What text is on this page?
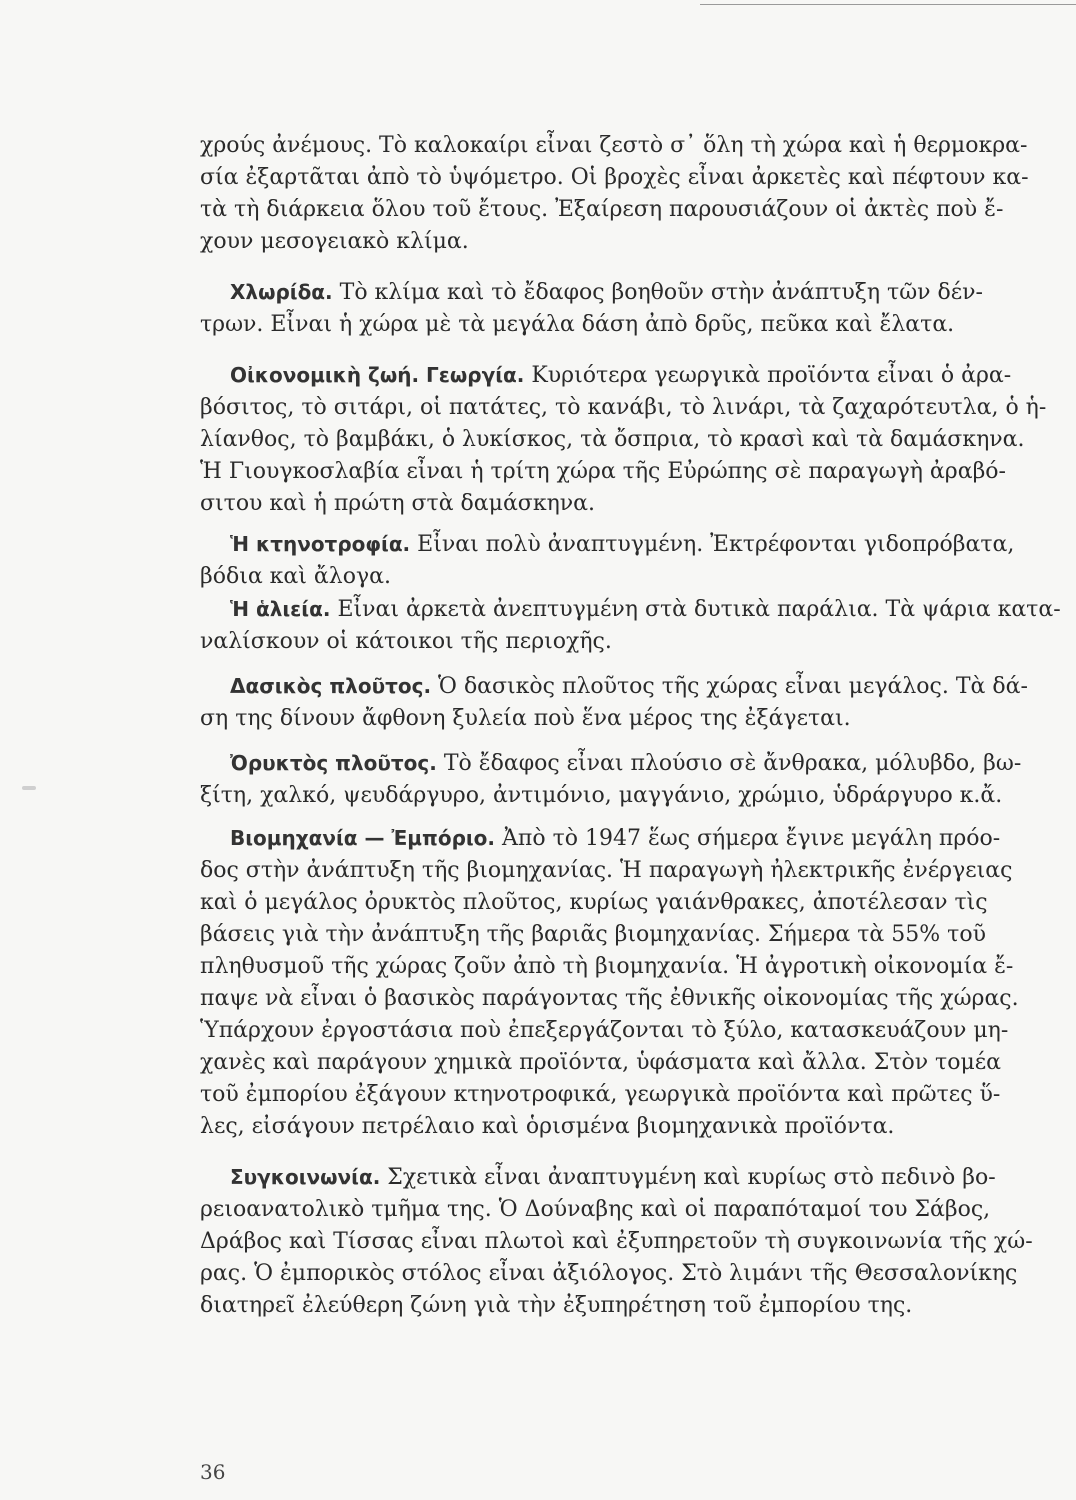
χρούς ἀνέμους. Τὸ καλοκαίρι εἶναι ζεστὸ σ᾿ ὅλη τὴ χώρα καὶ ἡ θερμοκρα-
σία ἐξαρτᾶται ἀπὸ τὸ ὑψόμετρο. Οἱ βροχὲς εἶναι ἀρκετὲς καὶ πέφτουν κα-
τὰ τὴ διάρκεια ὅλου τοῦ ἔτους. Ἐξαίρεση παρουσιάζουν οἱ ἀκτὲς ποὺ ἔ-
χουν μεσογειακὸ κλίμα.
Χλωρίδα. Τὸ κλίμα καὶ τὸ ἔδαφος βοηθοῦν στὴν ἀνάπτυξη τῶν δέν-
τρων. Εἶναι ἡ χώρα μὲ τὰ μεγάλα δάση ἀπὸ δρῦς, πεῦκα καὶ ἔλατα.
Οἰκονομικὴ ζωή. Γεωργία. Κυριότερα γεωργικὰ προϊόντα εἶναι ὁ ἀρα-
βόσιτος, τὸ σιτάρι, οἱ πατάτες, τὸ κανάβι, τὸ λινάρι, τὰ ζαχαρότευτλα, ὁ ἡ-
λίανθος, τὸ βαμβάκι, ὁ λυκίσκος, τὰ ὄσπρια, τὸ κρασὶ καὶ τὰ δαμάσκηνα.
Ἡ Γιουγκοσλαβία εἶναι ἡ τρίτη χώρα τῆς Εὐρώπης σὲ παραγωγὴ ἀραβό-
σιτου καὶ ἡ πρώτη στὰ δαμάσκηνα.
Ἡ κτηνοτροφία. Εἶναι πολὺ ἀναπτυγμένη. Ἐκτρέφονται γιδοπρόβατα,
βόδια καὶ ἄλογα.
Ἡ ἁλιεία. Εἶναι ἀρκετὰ ἀνεπτυγμένη στὰ δυτικὰ παράλια. Τὰ ψάρια κατα-
ναλίσκουν οἱ κάτοικοι τῆς περιοχῆς.
Δασικὸς πλοῦτος. Ὁ δασικὸς πλοῦτος τῆς χώρας εἶναι μεγάλος. Τὰ δά-
ση της δίνουν ἄφθονη ξυλεία ποὺ ἕνα μέρος της ἐξάγεται.
Ὀρυκτὸς πλοῦτος. Τὸ ἔδαφος εἶναι πλούσιο σὲ ἄνθρακα, μόλυβδο, βω-
ξίτη, χαλκό, ψευδάργυρο, ἀντιμόνιο, μαγγάνιο, χρώμιο, ὑδράργυρο κ.ἄ.
Βιομηχανία — Ἐμπόριο. Ἀπὸ τὸ 1947 ἕως σήμερα ἔγινε μεγάλη πρόο-
δος στὴν ἀνάπτυξη τῆς βιομηχανίας. Ἡ παραγωγὴ ἠλεκτρικῆς ἐνέργειας
καὶ ὁ μεγάλος ὀρυκτὸς πλοῦτος, κυρίως γαιάνθρακες, ἀποτέλεσαν τὶς
βάσεις γιὰ τὴν ἀνάπτυξη τῆς βαριᾶς βιομηχανίας. Σήμερα τὰ 55% τοῦ
πληθυσμοῦ τῆς χώρας ζοῦν ἀπὸ τὴ βιομηχανία. Ἡ ἀγροτικὴ οἰκονομία ἔ-
παψε νὰ εἶναι ὁ βασικὸς παράγοντας τῆς ἐθνικῆς οἰκονομίας τῆς χώρας.
Ὑπάρχουν ἐργοστάσια ποὺ ἐπεξεργάζονται τὸ ξύλο, κατασκευάζουν μη-
χανὲς καὶ παράγουν χημικὰ προϊόντα, ὑφάσματα καὶ ἄλλα. Στὸν τομέα
τοῦ ἐμπορίου ἐξάγουν κτηνοτροφικά, γεωργικὰ προϊόντα καὶ πρῶτες ὕ-
λες, εἰσάγουν πετρέλαιο καὶ ὁρισμένα βιομηχανικὰ προϊόντα.
Συγκοινωνία. Σχετικὰ εἶναι ἀναπτυγμένη καὶ κυρίως στὸ πεδινὸ βο-
ρειοανατολικὸ τμῆμα της. Ὁ Δούναβης καὶ οἱ παραπόταμοί του Σάβος,
Δράβος καὶ Τίσσας εἶναι πλωτοὶ καὶ ἐξυπηρετοῦν τὴ συγκοινωνία τῆς χώ-
ρας. Ὁ ἐμπορικὸς στόλος εἶναι ἀξιόλογος. Στὸ λιμάνι τῆς Θεσσαλονίκης
διατηρεῖ ἐλεύθερη ζώνη γιὰ τὴν ἐξυπηρέτηση τοῦ ἐμπορίου της.
36
